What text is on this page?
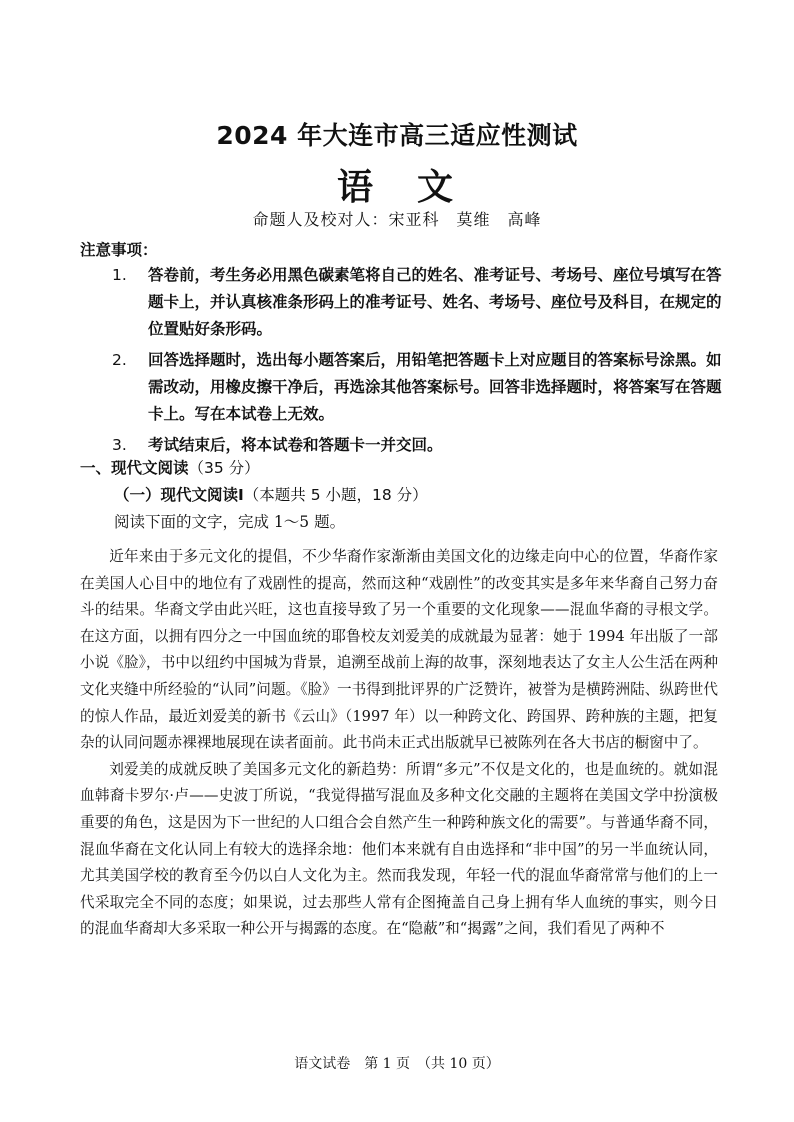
2024 年大连市高三适应性测试
语　文
命题人及校对人：宋亚科　莫维　高峰
注意事项：
1. 答卷前，考生务必用黑色碳素笔将自己的姓名、准考证号、考场号、座位号填写在答题卡上，并认真核准条形码上的准考证号、姓名、考场号、座位号及科目，在规定的位置贴好条形码。
2. 回答选择题时，选出每小题答案后，用铅笔把答题卡上对应题目的答案标号涂黑。如需改动，用橡皮擦干净后，再选涂其他答案标号。回答非选择题时，将答案写在答题卡上。写在本试卷上无效。
3. 考试结束后，将本试卷和答题卡一并交回。
一、现代文阅读（35 分）
（一）现代文阅读Ⅰ（本题共 5 小题，18 分）
阅读下面的文字，完成 1～5 题。

近年来由于多元文化的提倡，不少华裔作家渐渐由美国文化的边缘走向中心的位置，华裔作家在美国人心目中的地位有了戏剧性的提高，然而这种“戏剧性”的改变其实是多年来华裔自己努力奋斗的结果。华裔文学由此兴旺，这也直接导致了另一个重要的文化现象——混血华裔的寻根文学。在这方面，以拥有四分之一中国血统的耶鲁校友刘爱美的成就最为显著：她于 1994 年出版了一部小说《脸》，书中以纽约中国城为背景，追溯至战前上海的故事，深刻地表达了女主人公生活在两种文化夹缝中所经验的“认同”问题。《脸》一书得到批评界的广泛赞许，被誉为是横跨洲陆、纵跨世代的惊人作品，最近刘爱美的新书《云山》（1997 年）以一种跨文化、跨国界、跨种族的主题，把复杂的认同问题赤裸裸地展现在读者面前。此书尚未正式出版就早已被陈列在各大书店的橱窗中了。

刘爱美的成就反映了美国多元文化的新趋势：所谓“多元”不仅是文化的，也是血统的。就如混血韩裔卡罗尔·卢——史波丁所说，“我觉得描写混血及多种文化交融的主题将在美国文学中扮演极重要的角色，这是因为下一世纪的人口组合会自然产生一种跨种族文化的需要”。与普通华裔不同，混血华裔在文化认同上有较大的选择余地：他们本来就有自由选择和“非中国”的另一半血统认同，尤其美国学校的教育至今仍以白人文化为主。然而我发现，年轻一代的混血华裔常常与他们的上一代采取完全不同的态度；如果说，过去那些人常有企图掩盖自己身上拥有华人血统的事实，则今日的混血华裔却大多采取一种公开与揭露的态度。在“隐蔽”和“揭露”之间，我们看见了两种不

语文试卷　第 1 页　（共 10 页）
